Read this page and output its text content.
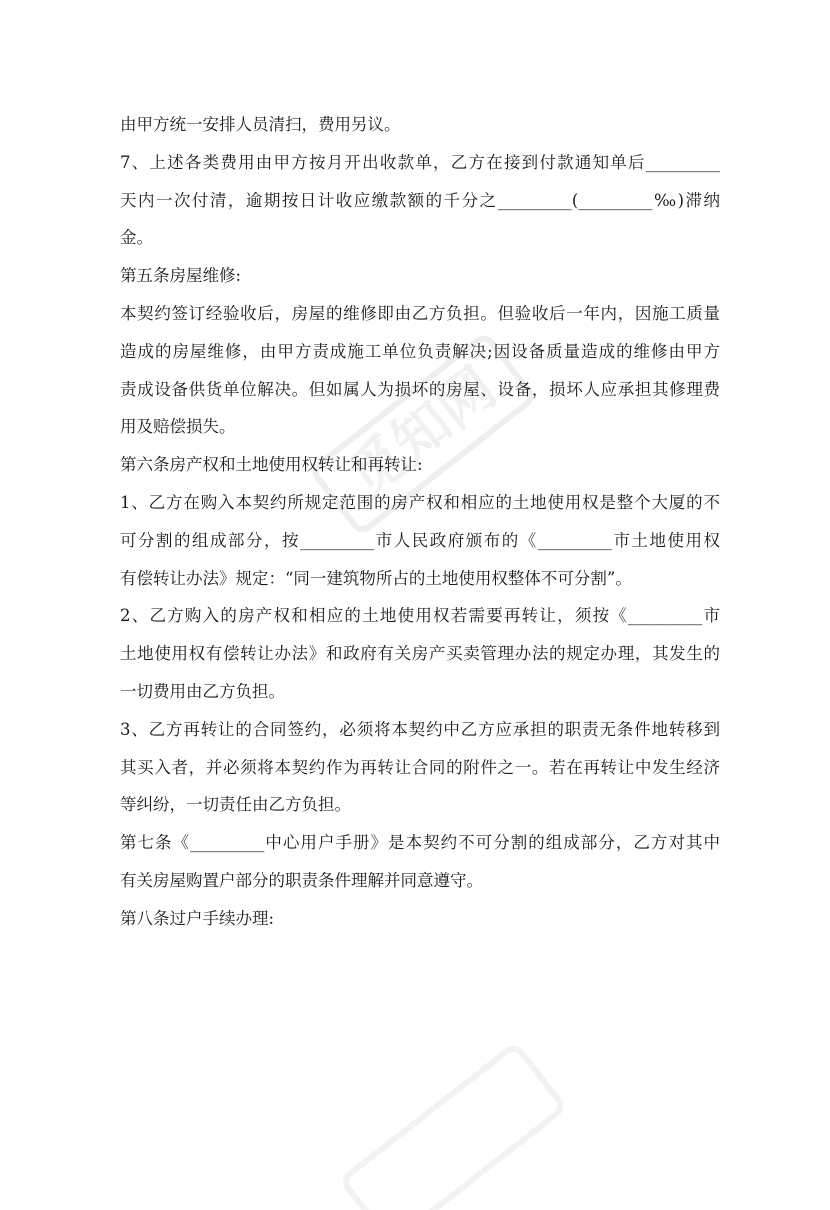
觅知网
由甲方统一安排人员清扫，费用另议。
7、上述各类费用由甲方按月开出收款单，乙方在接到付款通知单后_________
天内一次付清，逾期按日计收应缴款额的千分之_________(_________‰)滞纳
金。
第五条房屋维修:
本契约签订经验收后，房屋的维修即由乙方负担。但验收后一年内，因施工质量
造成的房屋维修，由甲方责成施工单位负责解决;因设备质量造成的维修由甲方
责成设备供货单位解决。但如属人为损坏的房屋、设备，损坏人应承担其修理费
用及赔偿损失。
第六条房产权和土地使用权转让和再转让:
1、乙方在购入本契约所规定范围的房产权和相应的土地使用权是整个大厦的不
可分割的组成部分，按_________市人民政府颁布的《_________市土地使用权
有偿转让办法》规定：“同一建筑物所占的土地使用权整体不可分割”。
2、乙方购入的房产权和相应的土地使用权若需要再转让，须按《_________市
土地使用权有偿转让办法》和政府有关房产买卖管理办法的规定办理，其发生的
一切费用由乙方负担。
3、乙方再转让的合同签约，必须将本契约中乙方应承担的职责无条件地转移到
其买入者，并必须将本契约作为再转让合同的附件之一。若在再转让中发生经济
等纠纷，一切责任由乙方负担。
第七条《_________中心用户手册》是本契约不可分割的组成部分，乙方对其中
有关房屋购置户部分的职责条件理解并同意遵守。
第八条过户手续办理:
